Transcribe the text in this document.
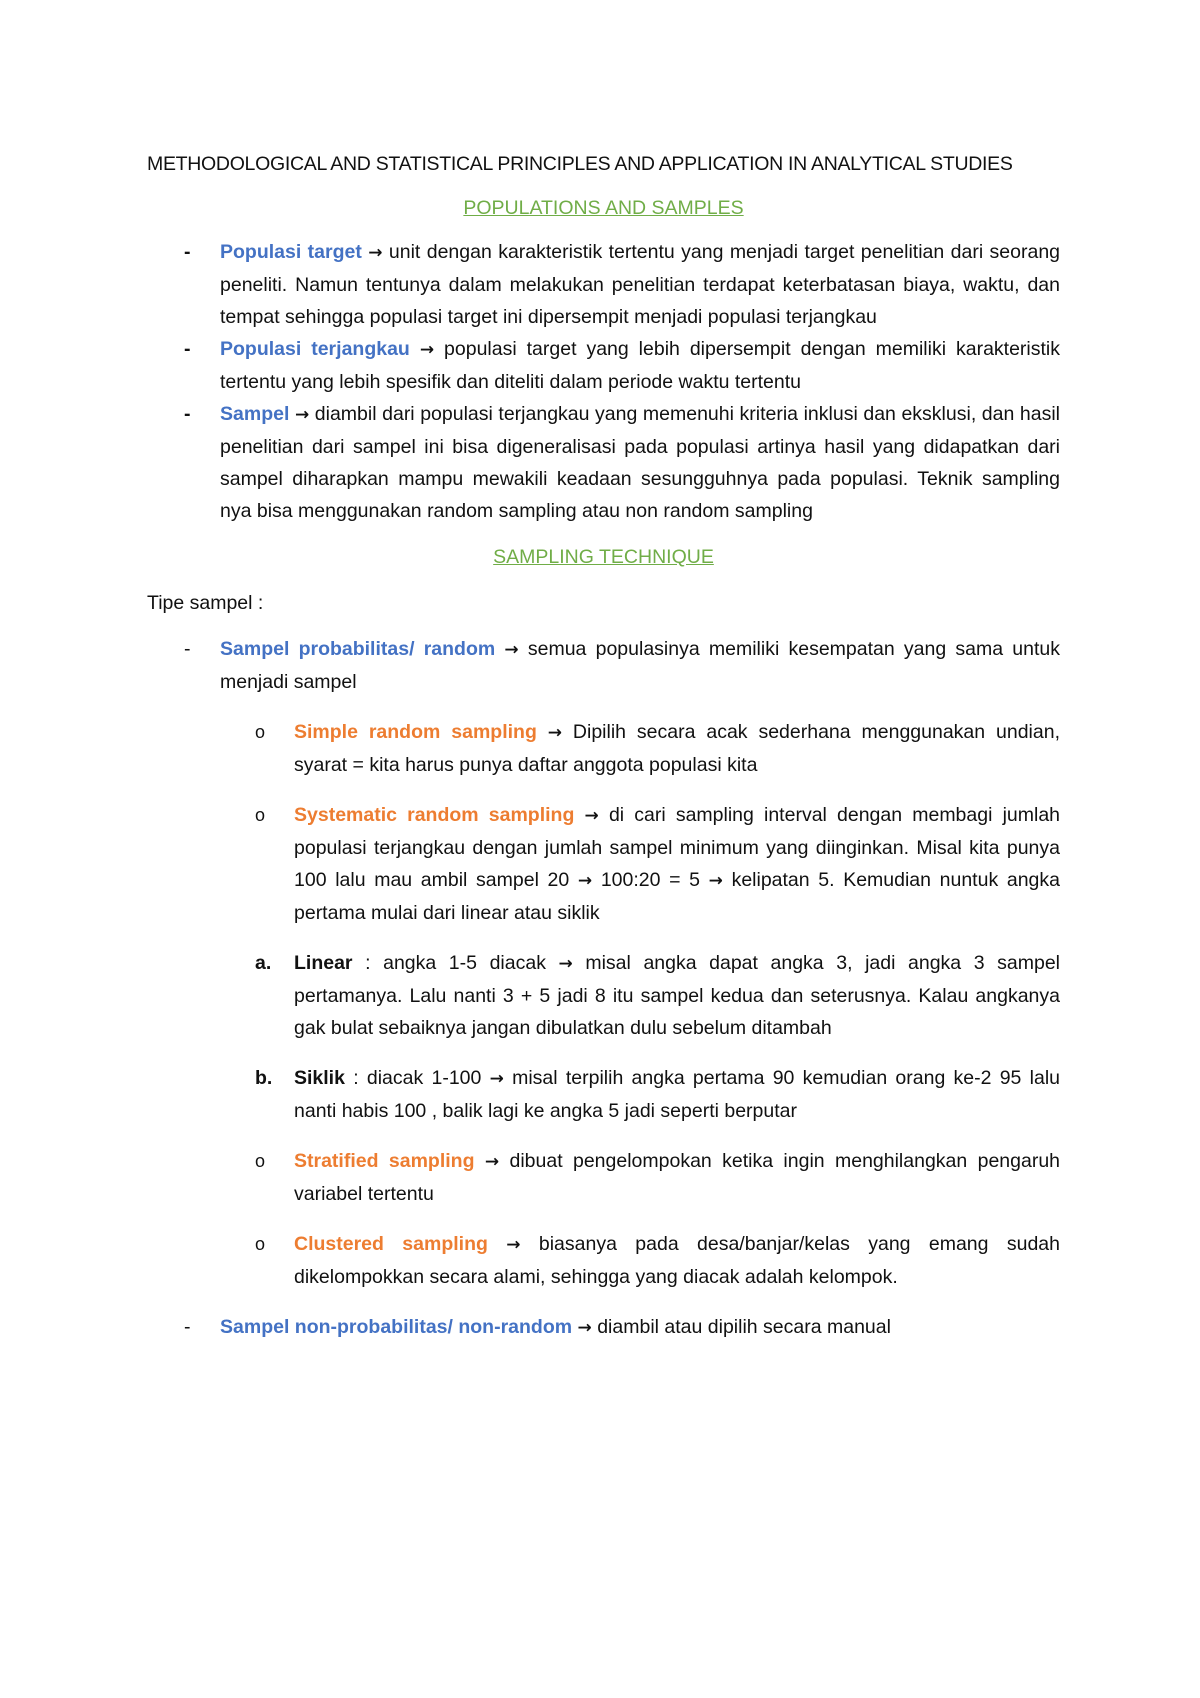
METHODOLOGICAL AND STATISTICAL PRINCIPLES AND APPLICATION IN ANALYTICAL STUDIES

POPULATIONS AND SAMPLES

- Populasi target → unit dengan karakteristik tertentu yang menjadi target penelitian dari seorang peneliti. Namun tentunya dalam melakukan penelitian terdapat keterbatasan biaya, waktu, dan tempat sehingga populasi target ini dipersempit menjadi populasi terjangkau
- Populasi terjangkau → populasi target yang lebih dipersempit dengan memiliki karakteristik tertentu yang lebih spesifik dan diteliti dalam periode waktu tertentu
- Sampel → diambil dari populasi terjangkau yang memenuhi kriteria inklusi dan eksklusi, dan hasil penelitian dari sampel ini bisa digeneralisasi pada populasi artinya hasil yang didapatkan dari sampel diharapkan mampu mewakili keadaan sesungguhnya pada populasi. Teknik sampling nya bisa menggunakan random sampling atau non random sampling

SAMPLING TECHNIQUE

Tipe sampel :

- Sampel probabilitas/ random → semua populasinya memiliki kesempatan yang sama untuk menjadi sampel
o Simple random sampling → Dipilih secara acak sederhana menggunakan undian, syarat = kita harus punya daftar anggota populasi kita
o Systematic random sampling → di cari sampling interval dengan membagi jumlah populasi terjangkau dengan jumlah sampel minimum yang diinginkan. Misal kita punya 100 lalu mau ambil sampel 20 → 100:20 = 5 → kelipatan 5. Kemudian nuntuk angka pertama mulai dari linear atau siklik
a. Linear : angka 1-5 diacak → misal angka dapat angka 3, jadi angka 3 sampel pertamanya. Lalu nanti 3 + 5 jadi 8 itu sampel kedua dan seterusnya. Kalau angkanya gak bulat sebaiknya jangan dibulatkan dulu sebelum ditambah
b. Siklik : diacak 1-100 → misal terpilih angka pertama 90 kemudian orang ke-2 95 lalu nanti habis 100 , balik lagi ke angka 5 jadi seperti berputar
o Stratified sampling → dibuat pengelompokan ketika ingin menghilangkan pengaruh variabel tertentu
o Clustered sampling → biasanya pada desa/banjar/kelas yang emang sudah dikelompokkan secara alami, sehingga yang diacak adalah kelompok.
- Sampel non-probabilitas/ non-random → diambil atau dipilih secara manual
